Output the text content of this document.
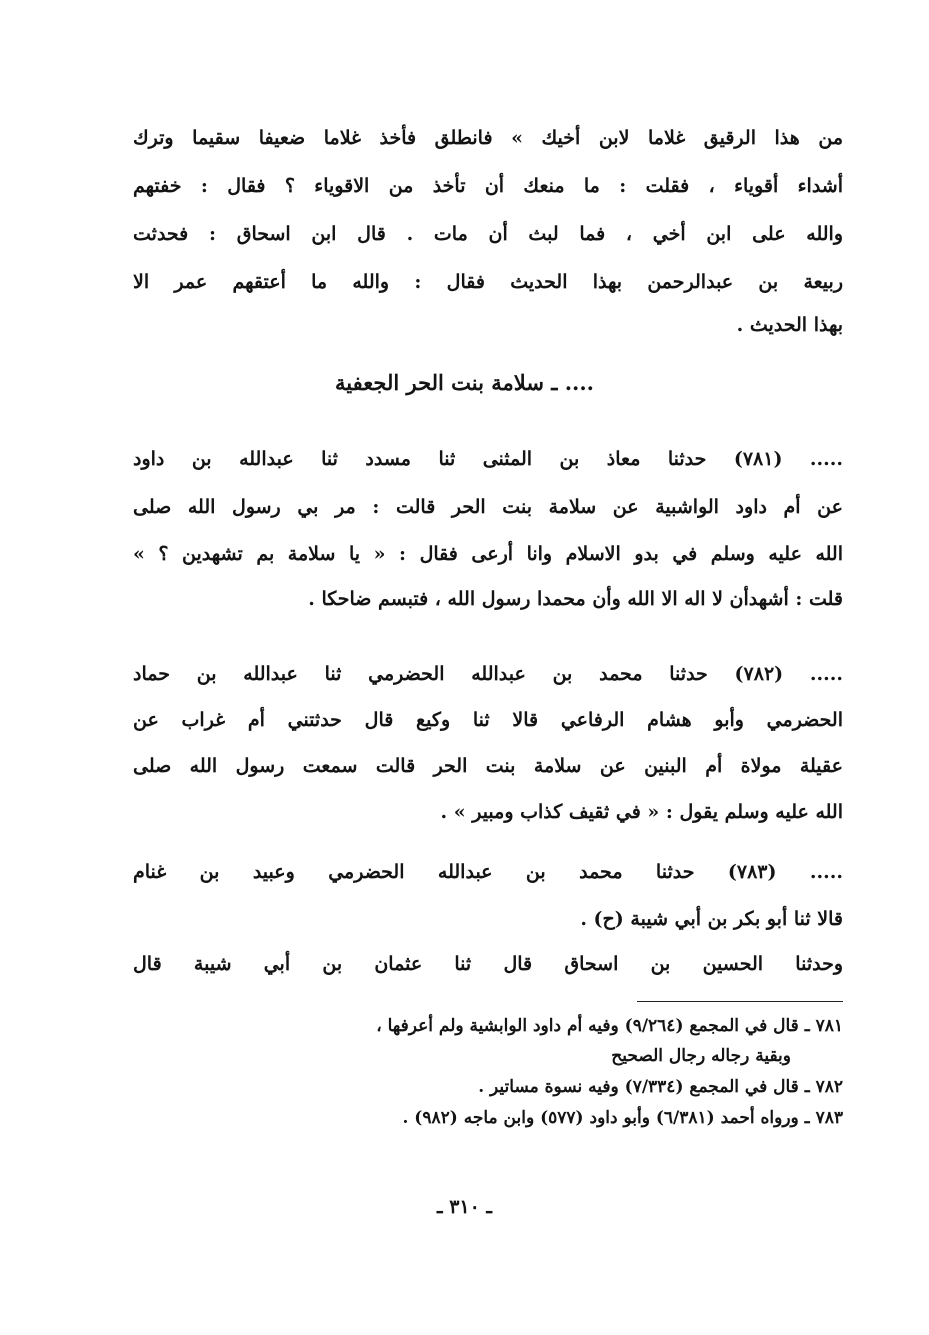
من هذا الرقيق غلاما لابن أخيك » فانطلق فأخذ غلاما ضعيفا سقيما وترك
أشداء أقوياء ، فقلت : ما منعك أن تأخذ من الاقوياء ؟ فقال : خفتهم
والله على ابن أخي ، فما لبث أن مات . قال ابن اسحاق : فحدثت
ربيعة بن عبدالرحمن بهذا الحديث فقال : والله ما أعتقهم عمر الا
بهذا الحديث .
.... ـ سلامة بنت الحر الجعفية
..... (٧٨١) حدثنا معاذ بن المثنى ثنا مسدد ثنا عبدالله بن داود
عن أم داود الواشبية عن سلامة بنت الحر قالت : مر بي رسول الله صلى
الله عليه وسلم في بدو الاسلام وانا أرعى فقال : « يا سلامة بم تشهدين ؟ »
قلت : أشهدأن لا اله الا الله وأن محمدا رسول الله ، فتبسم ضاحكا .
..... (٧٨٢) حدثنا محمد بن عبدالله الحضرمي ثنا عبدالله بن حماد
الحضرمي وأبو هشام الرفاعي قالا ثنا وكيع قال حدثتني أم غراب عن
عقيلة مولاة أم البنين عن سلامة بنت الحر قالت سمعت رسول الله صلى
الله عليه وسلم يقول : « في ثقيف كذاب ومبير » .
..... (٧٨٣) حدثنا محمد بن عبدالله الحضرمي وعبيد بن غنام
قالا ثنا أبو بكر بن أبي شيبة (ح) .
وحدثنا الحسين بن اسحاق قال ثنا عثمان بن أبي شيبة قال
٧٨١ ـ قال في المجمع (٩/٢٦٤) وفيه أم داود الوابشية ولم أعرفها ،
وبقية رجاله رجال الصحيح
٧٨٢ ـ قال في المجمع (٧/٣٣٤) وفيه نسوة مساتير .
٧٨٣ ـ ورواه أحمد (٦/٣٨١) وأبو داود (٥٧٧) وابن ماجه (٩٨٢) .
ـ ٣١٠ ـ
